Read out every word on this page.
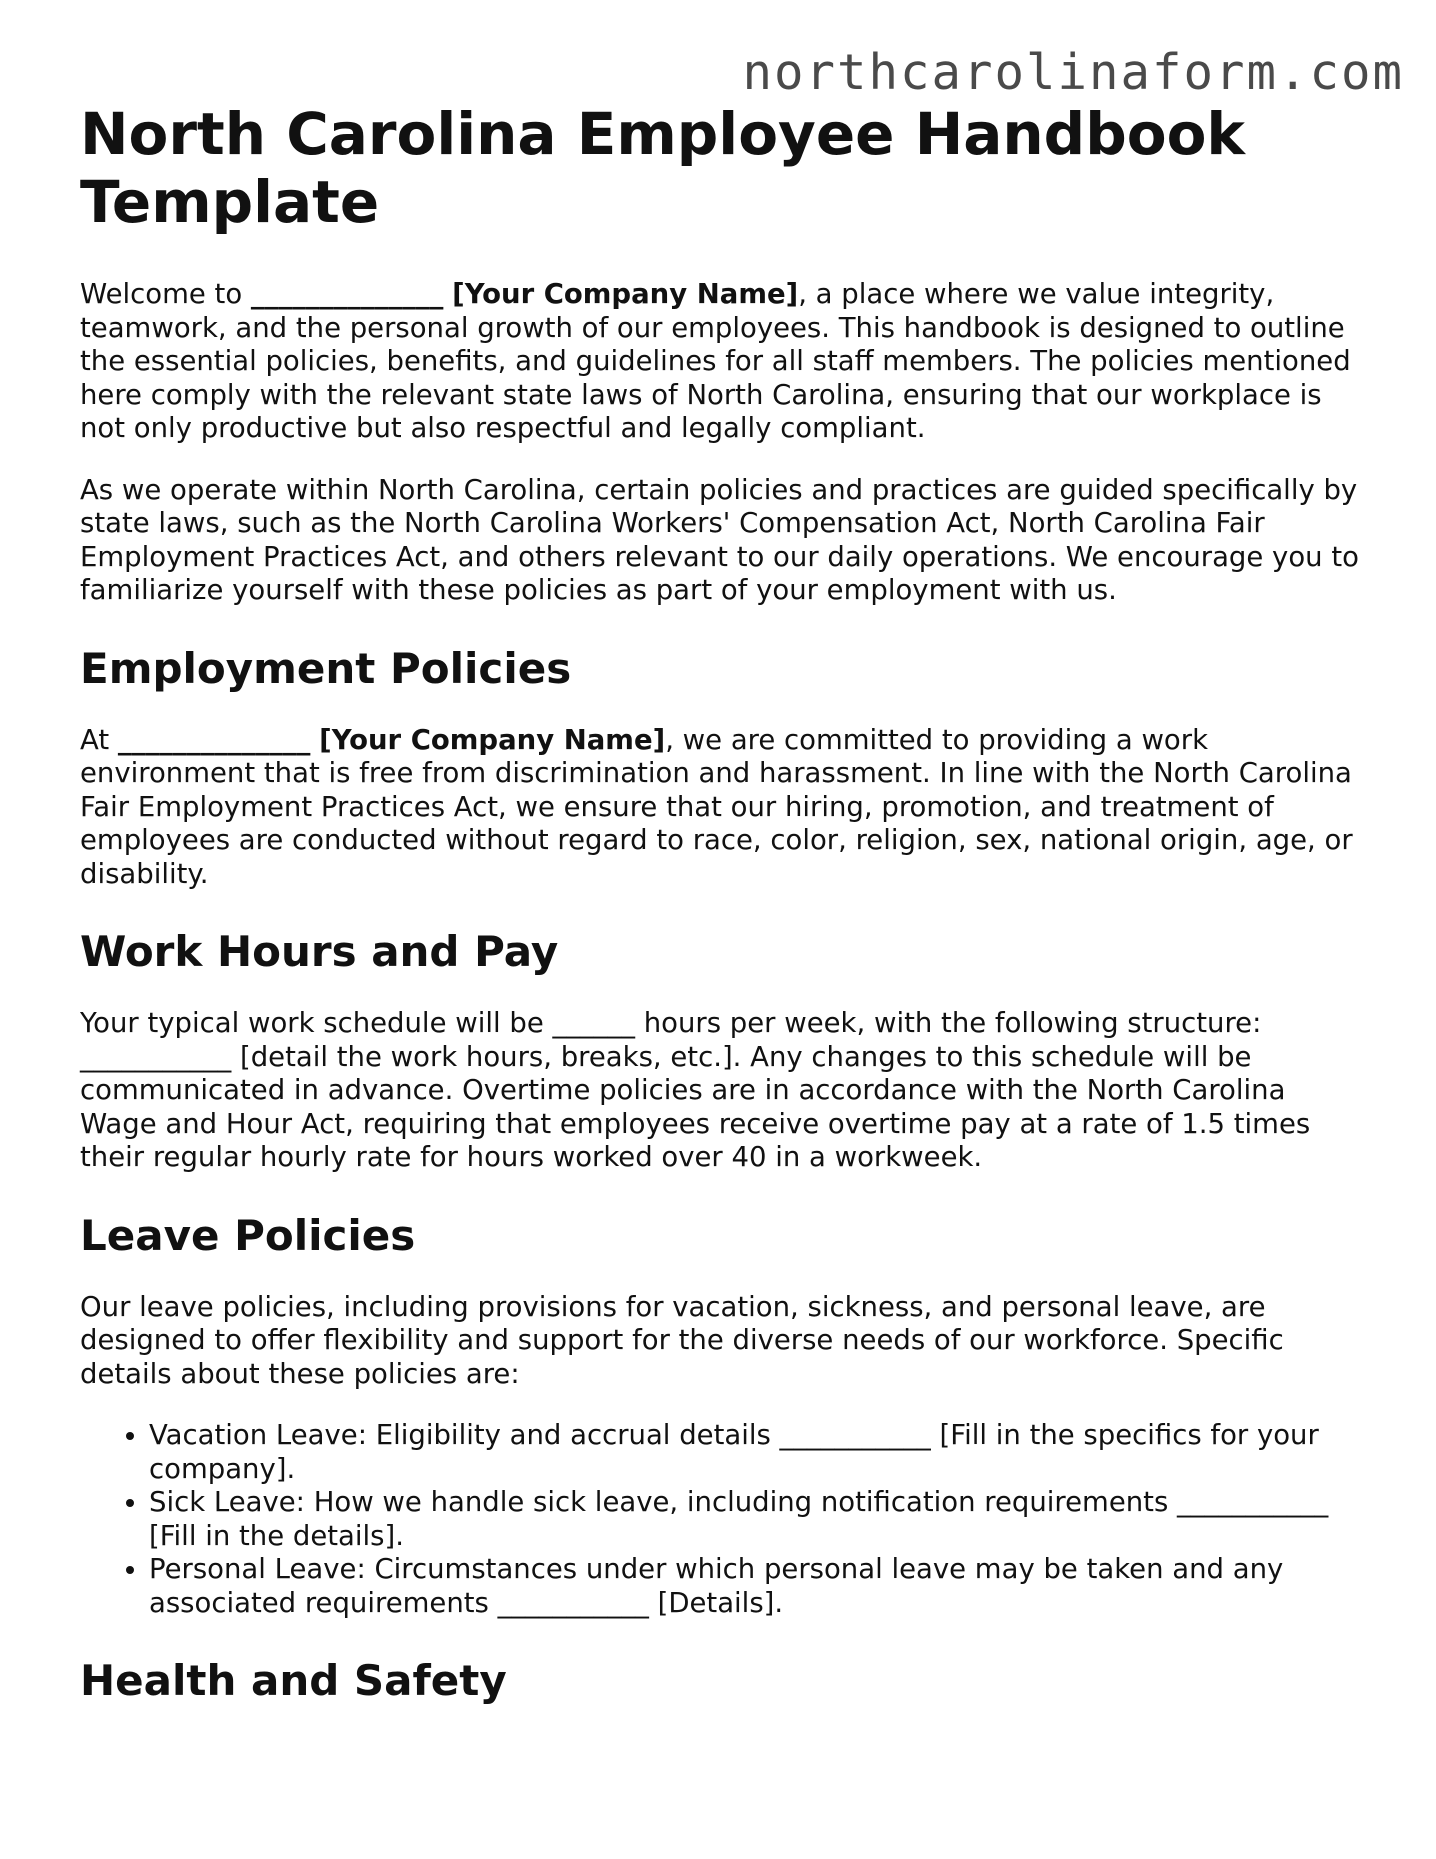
northcarolinaform.com
North Carolina Employee Handbook Template

Welcome to ______________ [Your Company Name], a place where we value integrity, teamwork, and the personal growth of our employees. This handbook is designed to outline the essential policies, benefits, and guidelines for all staff members. The policies mentioned here comply with the relevant state laws of North Carolina, ensuring that our workplace is not only productive but also respectful and legally compliant.

As we operate within North Carolina, certain policies and practices are guided specifically by state laws, such as the North Carolina Workers' Compensation Act, North Carolina Fair Employment Practices Act, and others relevant to our daily operations. We encourage you to familiarize yourself with these policies as part of your employment with us.

Employment Policies

At ______________ [Your Company Name], we are committed to providing a work environment that is free from discrimination and harassment. In line with the North Carolina Fair Employment Practices Act, we ensure that our hiring, promotion, and treatment of employees are conducted without regard to race, color, religion, sex, national origin, age, or disability.

Work Hours and Pay

Your typical work schedule will be ______ hours per week, with the following structure: ___________ [detail the work hours, breaks, etc.]. Any changes to this schedule will be communicated in advance. Overtime policies are in accordance with the North Carolina Wage and Hour Act, requiring that employees receive overtime pay at a rate of 1.5 times their regular hourly rate for hours worked over 40 in a workweek.

Leave Policies

Our leave policies, including provisions for vacation, sickness, and personal leave, are designed to offer flexibility and support for the diverse needs of our workforce. Specific details about these policies are:

• Vacation Leave: Eligibility and accrual details ___________ [Fill in the specifics for your company].
• Sick Leave: How we handle sick leave, including notification requirements ___________ [Fill in the details].
• Personal Leave: Circumstances under which personal leave may be taken and any associated requirements ___________ [Details].
Health and Safety
